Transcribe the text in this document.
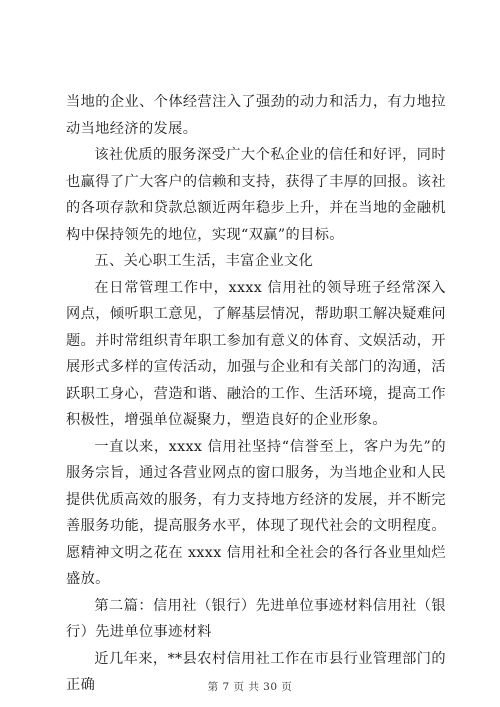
当地的企业、个体经营注入了强劲的动力和活力，有力地拉动当地经济的发展。

该社优质的服务深受广大个私企业的信任和好评，同时也赢得了广大客户的信赖和支持，获得了丰厚的回报。该社的各项存款和贷款总额近两年稳步上升，并在当地的金融机构中保持领先的地位，实现“双赢”的目标。

五、关心职工生活，丰富企业文化

在日常管理工作中，xxxx 信用社的领导班子经常深入网点，倾听职工意见，了解基层情况，帮助职工解决疑难问题。并时常组织青年职工参加有意义的体育、文娱活动，开展形式多样的宣传活动，加强与企业和有关部门的沟通，活跃职工身心，营造和谐、融洽的工作、生活环境，提高工作积极性，增强单位凝聚力，塑造良好的企业形象。

一直以来，xxxx 信用社坚持“信誉至上，客户为先”的服务宗旨，通过各营业网点的窗口服务，为当地企业和人民提供优质高效的服务，有力支持地方经济的发展，并不断完善服务功能，提高服务水平，体现了现代社会的文明程度。愿精神文明之花在 xxxx 信用社和全社会的各行各业里灿烂盛放。

第二篇：信用社（银行）先进单位事迹材料信用社（银行）先进单位事迹材料

近几年来，**县农村信用社工作在市县行业管理部门的正确	第 7 页 共 30 页
